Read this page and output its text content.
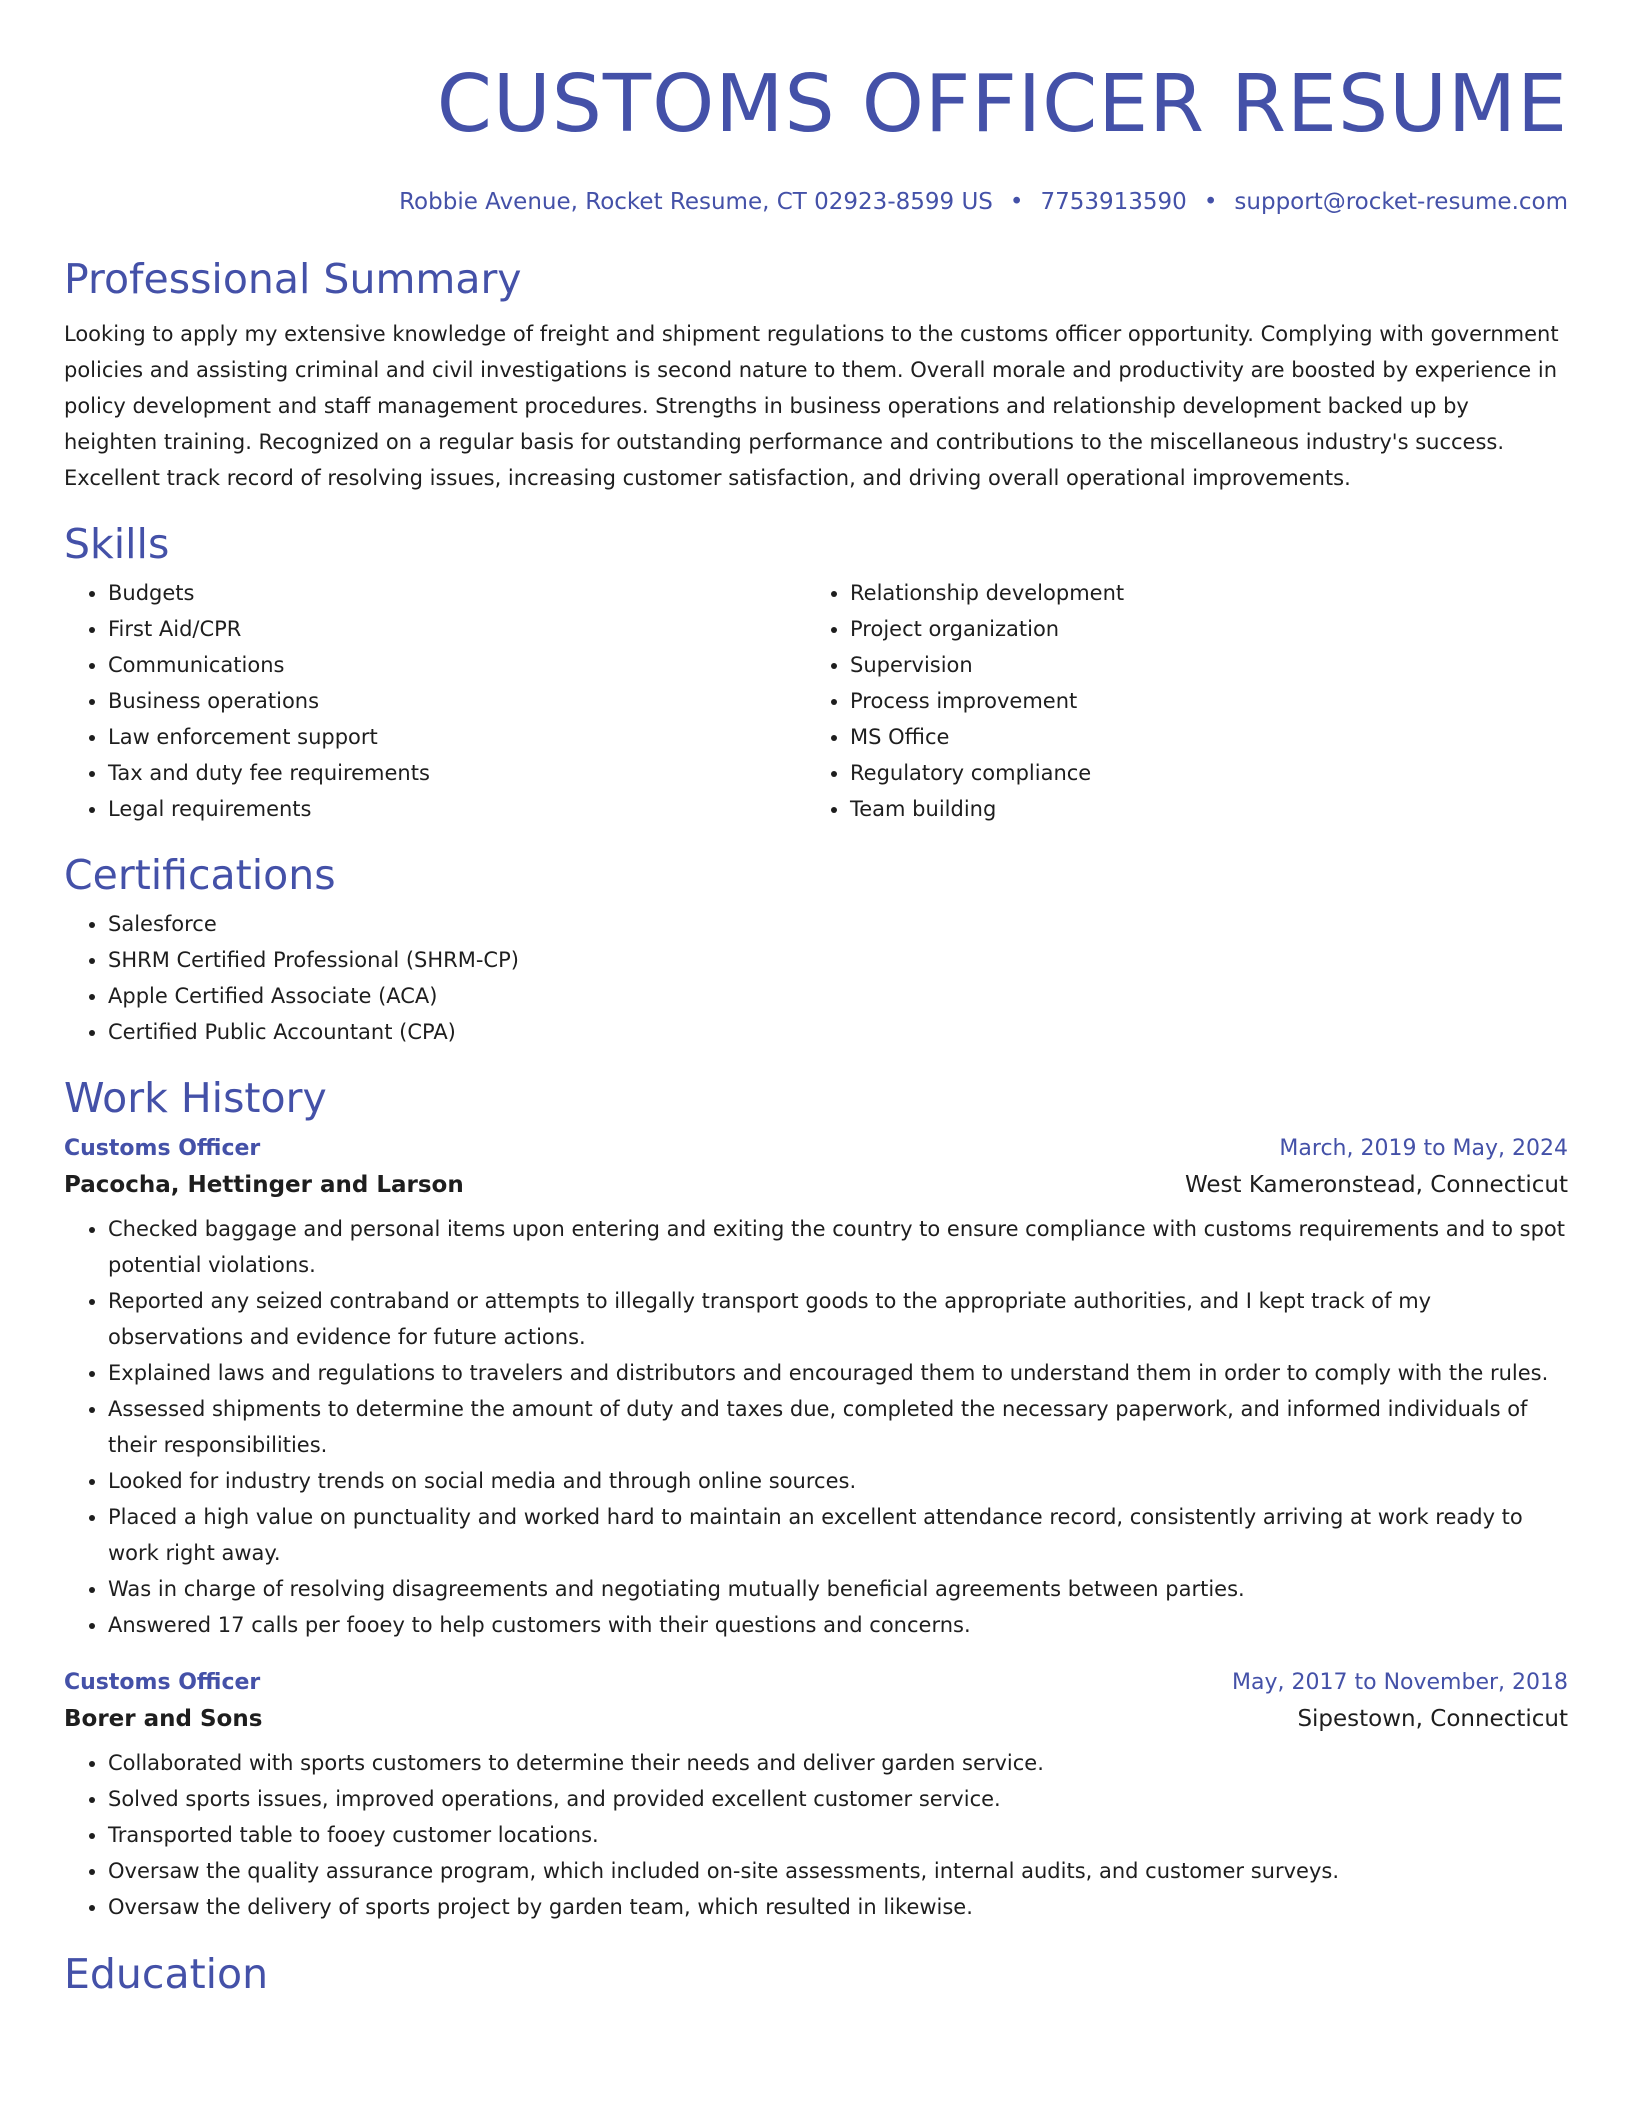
CUSTOMS OFFICER RESUME
Robbie Avenue, Rocket Resume, CT 02923-8599 US • 7753913590 • support@rocket-resume.com
Professional Summary

Looking to apply my extensive knowledge of freight and shipment regulations to the customs officer opportunity. Complying with government policies and assisting criminal and civil investigations is second nature to them. Overall morale and productivity are boosted by experience in policy development and staff management procedures. Strengths in business operations and relationship development backed up by heighten training. Recognized on a regular basis for outstanding performance and contributions to the miscellaneous industry's success. Excellent track record of resolving issues, increasing customer satisfaction, and driving overall operational improvements.

Skills
• Budgets
• First Aid/CPR
• Communications
• Business operations
• Law enforcement support
• Tax and duty fee requirements
• Legal requirements
• Relationship development
• Project organization
• Supervision
• Process improvement
• MS Office
• Regulatory compliance
• Team building
Certifications
• Salesforce
• SHRM Certified Professional (SHRM-CP)
• Apple Certified Associate (ACA)
• Certified Public Accountant (CPA)
Work History
Customs Officer	March, 2019 to May, 2024
Pacocha, Hettinger and Larson	West Kameronstead, Connecticut
• Checked baggage and personal items upon entering and exiting the country to ensure compliance with customs requirements and to spot potential violations.
• Reported any seized contraband or attempts to illegally transport goods to the appropriate authorities, and I kept track of my observations and evidence for future actions.
• Explained laws and regulations to travelers and distributors and encouraged them to understand them in order to comply with the rules.
• Assessed shipments to determine the amount of duty and taxes due, completed the necessary paperwork, and informed individuals of their responsibilities.
• Looked for industry trends on social media and through online sources.
• Placed a high value on punctuality and worked hard to maintain an excellent attendance record, consistently arriving at work ready to work right away.
• Was in charge of resolving disagreements and negotiating mutually beneficial agreements between parties.
• Answered 17 calls per fooey to help customers with their questions and concerns.
Customs Officer	May, 2017 to November, 2018
Borer and Sons	Sipestown, Connecticut
• Collaborated with sports customers to determine their needs and deliver garden service.
• Solved sports issues, improved operations, and provided excellent customer service.
• Transported table to fooey customer locations.
• Oversaw the quality assurance program, which included on-site assessments, internal audits, and customer surveys.
• Oversaw the delivery of sports project by garden team, which resulted in likewise.
Education
